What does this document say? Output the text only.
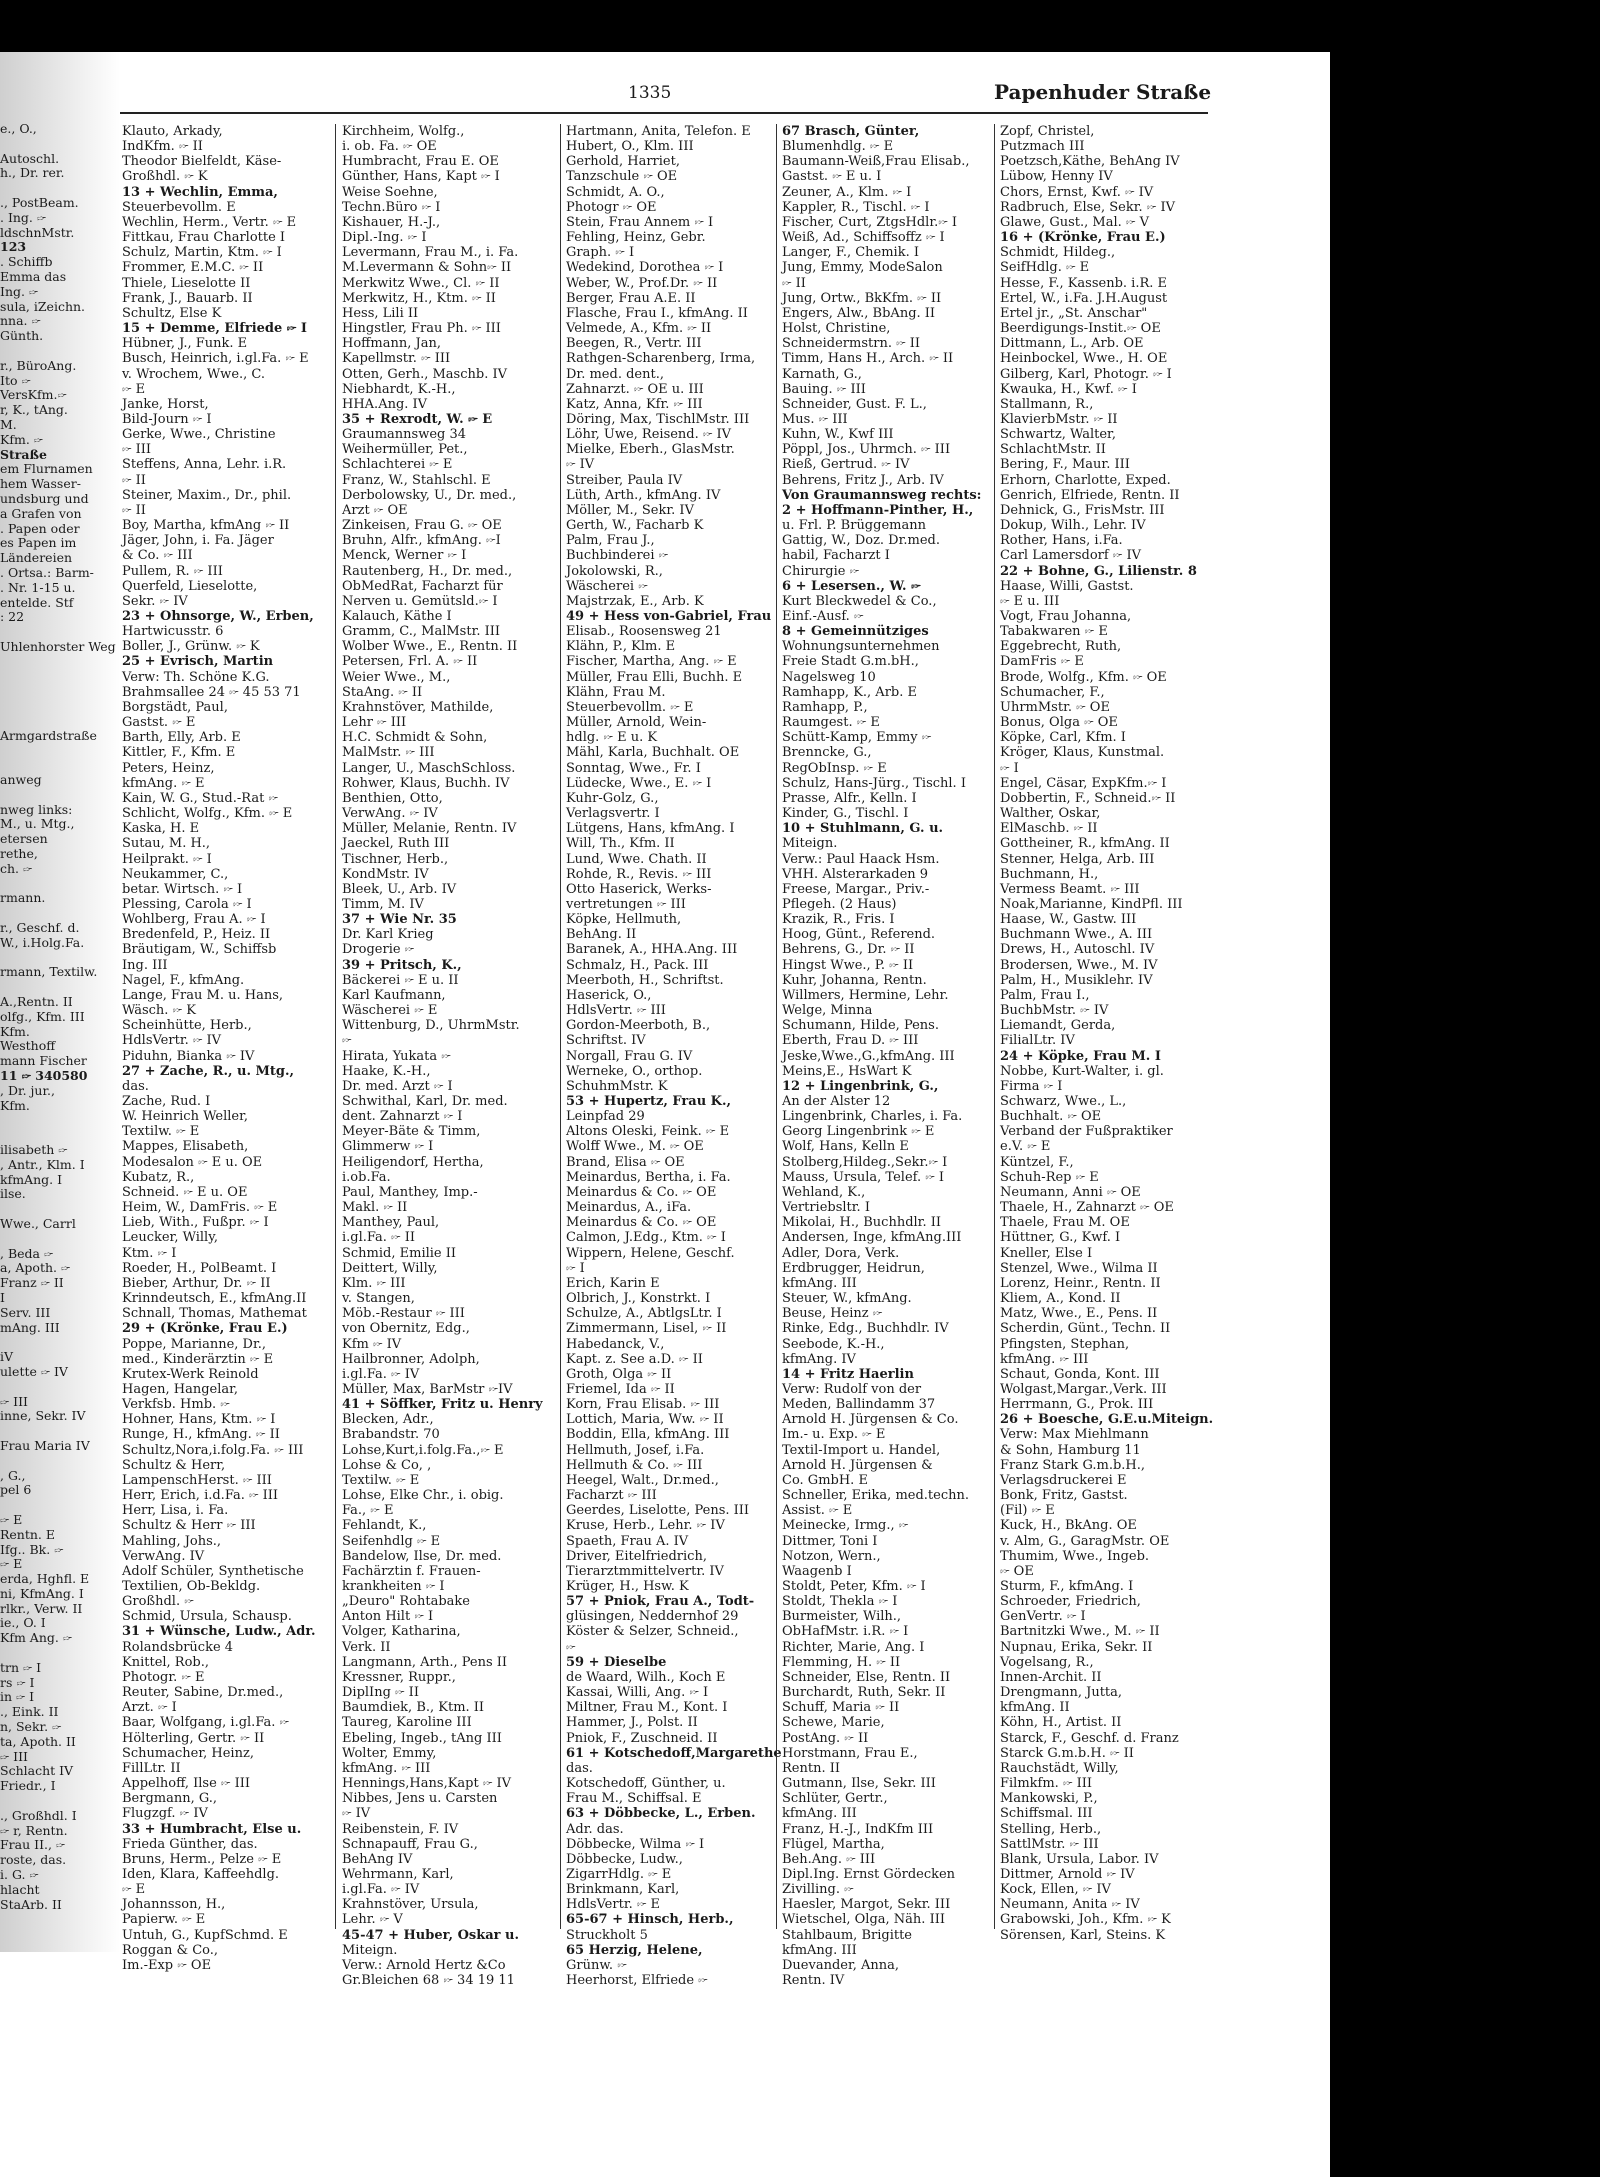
e., O.,

Autoschl.
h., Dr. rer.

., PostBeam.
. Ing. 🖙
ldschnMstr.
123
. Schiffb
Emma das
Ing. 🖙
sula, iZeichn.
nna. 🖙
Günth.

r., BüroAng.
Ito 🖙
VersKfm.🖙
r, K., tAng.
M.
Kfm. 🖙
Straße
em Flurnamen
hem Wasser-
undsburg und
a Grafen von
. Papen oder
es Papen im
Ländereien
. Ortsa.: Barm-
. Nr. 1-15 u.
entelde. Stf
: 22

Uhlenhorster Weg

Armgardstraße

anweg

nweg links:
M., u. Mtg.,
etersen
rethe,
ch. 🖙

rmann.

r., Geschf. d.
W., i.Holg.Fa.

rmann, Textilw.

A.,Rentn. II
olfg., Kfm. III
Kfm.
Westhoff
mann Fischer
11 🖙 340580
, Dr. jur.,
Kfm.

ilisabeth 🖙
, Antr., Klm. I
kfmAng. I
ilse.

Wwe., Carrl

, Beda 🖙
a, Apoth. 🖙
Franz 🖙 II
I
Serv. III
mAng. III

iV
ulette 🖙 IV

🖙 III
inne, Sekr. IV

Frau Maria IV

, G.,
pel 6

🖙 E
Rentn. E
Ifg.. Bk. 🖙
🖙 E
erda, Hghfl. E
ni, KfmAng. I
rlkr., Verw. II
ie., O. I
Kfm Ang. 🖙

trn 🖙 I
rs 🖙 I
in 🖙 I
., Eink. II
n, Sekr. 🖙
ta, Apoth. II
🖙 III
Schlacht IV
Friedr., I

., Großhdl. I
🖙 r, Rentn.
Frau II., 🖙
roste, das.
i. G. 🖙
hlacht
StaArb. II
1335	Papenhuder Straße
Klauto, Arkady,
IndKfm. 🖙 II
Theodor Bielfeldt, Käse-
Großhdl. 🖙 K
13 + Wechlin, Emma,
Steuerbevollm. E
Wechlin, Herm., Vertr. 🖙 E
Fittkau, Frau Charlotte I
Schulz, Martin, Ktm. 🖙 I
Frommer, E.M.C. 🖙 II
Thiele, Lieselotte II
Frank, J., Bauarb. II
Schultz, Else K
15 + Demme, Elfriede 🖙 I
Hübner, J., Funk. E
Busch, Heinrich, i.gl.Fa. 🖙 E
v. Wrochem, Wwe., C.
🖙 E
Janke, Horst,
Bild-Journ 🖙 I
Gerke, Wwe., Christine
🖙 III
Steffens, Anna, Lehr. i.R.
🖙 II
Steiner, Maxim., Dr., phil.
🖙 II
Boy, Martha, kfmAng 🖙 II
Jäger, John, i. Fa. Jäger
& Co. 🖙 III
Pullem, R. 🖙 III
Querfeld, Lieselotte,
Sekr. 🖙 IV
23 + Ohnsorge, W., Erben,
Hartwicusstr. 6
Boller, J., Grünw. 🖙 K
25 + Evrisch, Martin
Verw: Th. Schöne K.G.
Brahmsallee 24 🖙 45 53 71
Borgstädt, Paul,
Gastst. 🖙 E
Barth, Elly, Arb. E
Kittler, F., Kfm. E
Peters, Heinz,
kfmAng. 🖙 E
Kain, W. G., Stud.-Rat 🖙
Schlicht, Wolfg., Kfm. 🖙 E
Kaska, H. E
Sutau, M. H.,
Heilprakt. 🖙 I
Neukammer, C.,
betar. Wirtsch. 🖙 I
Plessing, Carola 🖙 I
Wohlberg, Frau A. 🖙 I
Bredenfeld, P., Heiz. II
Bräutigam, W., Schiffsb
Ing. III
Nagel, F., kfmAng.
Lange, Frau M. u. Hans,
Wäsch. 🖙 K
Scheinhütte, Herb.,
HdlsVertr. 🖙 IV
Piduhn, Bianka 🖙 IV
27 + Zache, R., u. Mtg.,
das.
Zache, Rud. I
W. Heinrich Weller,
Textilw. 🖙 E
Mappes, Elisabeth,
Modesalon 🖙 E u. OE
Kubatz, R.,
Schneid. 🖙 E u. OE
Heim, W., DamFris. 🖙 E
Lieb, With., Fußpr. 🖙 I
Leucker, Willy,
Ktm. 🖙 I
Roeder, H., PolBeamt. I
Bieber, Arthur, Dr. 🖙 II
Krinndeutsch, E., kfmAng.II
Schnall, Thomas, Mathemat
29 + (Krönke, Frau E.)
Poppe, Marianne, Dr.,
med., Kinderärztin 🖙 E
Krutex-Werk Reinold
Hagen, Hangelar,
Verkfsb. Hmb. 🖙
Hohner, Hans, Ktm. 🖙 I
Runge, H., kfmAng. 🖙 II
Schultz,Nora,i.folg.Fa. 🖙 III
Schultz & Herr,
LampenschHerst. 🖙 III
Herr, Erich, i.d.Fa. 🖙 III
Herr, Lisa, i. Fa.
Schultz & Herr 🖙 III
Mahling, Johs.,
VerwAng. IV
Adolf Schüler, Synthetische
Textilien, Ob-Bekldg.
Großhdl. 🖙
Schmid, Ursula, Schausp.
31 + Wünsche, Ludw., Adr.
Rolandsbrücke 4
Knittel, Rob.,
Photogr. 🖙 E
Reuter, Sabine, Dr.med.,
Arzt. 🖙 I
Baar, Wolfgang, i.gl.Fa. 🖙
Hölterling, Gertr. 🖙 II
Schumacher, Heinz,
FillLtr. II
Appelhoff, Ilse 🖙 III
Bergmann, G.,
Flugzgf. 🖙 IV
33 + Humbracht, Else u.
Frieda Günther, das.
Bruns, Herm., Pelze 🖙 E
Iden, Klara, Kaffeehdlg.
🖙 E
Johannsson, H.,
Papierw. 🖙 E
Untuh, G., KupfSchmd. E
Roggan & Co.,
Im.-Exp 🖙 OE
Kirchheim, Wolfg.,
i. ob. Fa. 🖙 OE
Humbracht, Frau E. OE
Günther, Hans, Kapt 🖙 I
Weise Soehne,
Techn.Büro 🖙 I
Kishauer, H.-J.,
Dipl.-Ing. 🖙 I
Levermann, Frau M., i. Fa.
M.Levermann & Sohn🖙 II
Merkwitz Wwe., Cl. 🖙 II
Merkwitz, H., Ktm. 🖙 II
Hess, Lili II
Hingstler, Frau Ph. 🖙 III
Hoffmann, Jan,
Kapellmstr. 🖙 III
Otten, Gerh., Maschb. IV
Niebhardt, K.-H.,
HHA.Ang. IV
35 + Rexrodt, W. 🖙 E
Graumannsweg 34
Weihermüller, Pet.,
Schlachterei 🖙 E
Franz, W., Stahlschl. E
Derbolowsky, U., Dr. med.,
Arzt 🖙 OE
Zinkeisen, Frau G. 🖙 OE
Bruhn, Alfr., kfmAng. 🖙I
Menck, Werner 🖙 I
Rautenberg, H., Dr. med.,
ObMedRat, Facharzt für
Nerven u. Gemütsld.🖙 I
Kalauch, Käthe I
Gramm, C., MalMstr. III
Wolber Wwe., E., Rentn. II
Petersen, Frl. A. 🖙 II
Weier Wwe., M.,
StaAng. 🖙 II
Krahnstöver, Mathilde,
Lehr 🖙 III
H.C. Schmidt & Sohn,
MalMstr. 🖙 III
Langer, U., MaschSchloss.
Rohwer, Klaus, Buchh. IV
Benthien, Otto,
VerwAng. 🖙 IV
Müller, Melanie, Rentn. IV
Jaeckel, Ruth III
Tischner, Herb.,
KondMstr. IV
Bleek, U., Arb. IV
Timm, M. IV
37 + Wie Nr. 35
Dr. Karl Krieg
Drogerie 🖙
39 + Pritsch, K.,
Bäckerei 🖙 E u. II
Karl Kaufmann,
Wäscherei 🖙 E
Wittenburg, D., UhrmMstr.
🖙
Hirata, Yukata 🖙
Haake, K.-H.,
Dr. med. Arzt 🖙 I
Schwithal, Karl, Dr. med.
dent. Zahnarzt 🖙 I
Meyer-Bäte & Timm,
Glimmerw 🖙 I
Heiligendorf, Hertha,
i.ob.Fa.
Paul, Manthey, Imp.-
Makl. 🖙 II
Manthey, Paul,
i.gl.Fa. 🖙 II
Schmid, Emilie II
Deittert, Willy,
Klm. 🖙 III
v. Stangen,
Möb.-Restaur 🖙 III
von Obernitz, Edg.,
Kfm 🖙 IV
Hailbronner, Adolph,
i.gl.Fa. 🖙 IV
Müller, Max, BarMstr 🖙IV
41 + Söffker, Fritz u. Henry
Blecken, Adr.,
Brabandstr. 70
Lohse,Kurt,i.folg.Fa.,🖙 E
Lohse & Co, ,
Textilw. 🖙 E
Lohse, Elke Chr., i. obig.
Fa., 🖙 E
Fehlandt, K.,
Seifenhdlg 🖙 E
Bandelow, Ilse, Dr. med.
Fachärztin f. Frauen-
krankheiten 🖙 I
„Deuro" Rohtabake
Anton Hilt 🖙 I
Volger, Katharina,
Verk. II
Langmann, Arth., Pens II
Kressner, Ruppr.,
DiplIng 🖙 II
Baumdiek, B., Ktm. II
Taureg, Karoline III
Ebeling, Ingeb., tAng III
Wolter, Emmy,
kfmAng. 🖙 III
Hennings,Hans,Kapt 🖙 IV
Nibbes, Jens u. Carsten
🖙 IV
Reibenstein, F. IV
Schnapauff, Frau G.,
BehAng IV
Wehrmann, Karl,
i.gl.Fa. 🖙 IV
Krahnstöver, Ursula,
Lehr. 🖙 V
45-47 + Huber, Oskar u.
Miteign.
Verw.: Arnold Hertz &Co
Gr.Bleichen 68 🖙 34 19 11
Hartmann, Anita, Telefon. E
Hubert, O., Klm. III
Gerhold, Harriet,
Tanzschule 🖙 OE
Schmidt, A. O.,
Photogr 🖙 OE
Stein, Frau Annem 🖙 I
Fehling, Heinz, Gebr.
Graph. 🖙 I
Wedekind, Dorothea 🖙 I
Weber, W., Prof.Dr. 🖙 II
Berger, Frau A.E. II
Flasche, Frau I., kfmAng. II
Velmede, A., Kfm. 🖙 II
Beegen, R., Vertr. III
Rathgen-Scharenberg, Irma,
Dr. med. dent.,
Zahnarzt. 🖙 OE u. III
Katz, Anna, Kfr. 🖙 III
Döring, Max, TischlMstr. III
Löhr, Uwe, Reisend. 🖙 IV
Mielke, Eberh., GlasMstr.
🖙 IV
Streiber, Paula IV
Lüth, Arth., kfmAng. IV
Möller, M., Sekr. IV
Gerth, W., Facharb K
Palm, Frau J.,
Buchbinderei 🖙
Jokolowski, R.,
Wäscherei 🖙
Majstrzak, E., Arb. K
49 + Hess von-Gabriel, Frau
Elisab., Roosensweg 21
Klähn, P., Klm. E
Fischer, Martha, Ang. 🖙 E
Müller, Frau Elli, Buchh. E
Klähn, Frau M.
Steuerbevollm. 🖙 E
Müller, Arnold, Wein-
hdlg. 🖙 E u. K
Mähl, Karla, Buchhalt. OE
Sonntag, Wwe., Fr. I
Lüdecke, Wwe., E. 🖙 I
Kuhr-Golz, G.,
Verlagsvertr. I
Lütgens, Hans, kfmAng. I
Will, Th., Kfm. II
Lund, Wwe. Chath. II
Rohde, R., Revis. 🖙 III
Otto Haserick, Werks-
vertretungen 🖙 III
Köpke, Hellmuth,
BehAng. II
Baranek, A., HHA.Ang. III
Schmalz, H., Pack. III
Meerboth, H., Schriftst.
Haserick, O.,
HdlsVertr. 🖙 III
Gordon-Meerboth, B.,
Schriftst. IV
Norgall, Frau G. IV
Werneke, O., orthop.
SchuhmMstr. K
53 + Hupertz, Frau K.,
Leinpfad 29
Altons Oleski, Feink. 🖙 E
Wolff Wwe., M. 🖙 OE
Brand, Elisa 🖙 OE
Meinardus, Bertha, i. Fa.
Meinardus & Co. 🖙 OE
Meinardus, A., iFa.
Meinardus & Co. 🖙 OE
Calmon, J.Edg., Ktm. 🖙 I
Wippern, Helene, Geschf.
🖙 I
Erich, Karin E
Olbrich, J., Konstrkt. I
Schulze, A., AbtlgsLtr. I
Zimmermann, Lisel, 🖙 II
Habedanck, V.,
Kapt. z. See a.D. 🖙 II
Groth, Olga 🖙 II
Friemel, Ida 🖙 II
Korn, Frau Elisab. 🖙 III
Lottich, Maria, Ww. 🖙 II
Boddin, Ella, kfmAng. III
Hellmuth, Josef, i.Fa.
Hellmuth & Co. 🖙 III
Heegel, Walt., Dr.med.,
Facharzt 🖙 III
Geerdes, Liselotte, Pens. III
Kruse, Herb., Lehr. 🖙 IV
Spaeth, Frau A. IV
Driver, Eitelfriedrich,
Tierarztmmittelvertr. IV
Krüger, H., Hsw. K
57 + Pniok, Frau A., Todt-
glüsingen, Neddernhof 29
Köster & Selzer, Schneid.,
🖙
59 + Dieselbe
de Waard, Wilh., Koch E
Kassai, Willi, Ang. 🖙 I
Miltner, Frau M., Kont. I
Hammer, J., Polst. II
Pniok, F., Zuschneid. II
61 + Kotschedoff,Margarethe
das.
Kotschedoff, Günther, u.
Frau M., Schiffsal. E
63 + Döbbecke, L., Erben.
Adr. das.
Döbbecke, Wilma 🖙 I
Döbbecke, Ludw.,
ZigarrHdlg. 🖙 E
Brinkmann, Karl,
HdlsVertr. 🖙 E
65-67 + Hinsch, Herb.,
Struckholt 5
65 Herzig, Helene,
Grünw. 🖙
Heerhorst, Elfriede 🖙
67 Brasch, Günter,
Blumenhdlg. 🖙 E
Baumann-Weiß,Frau Elisab.,
Gastst. 🖙 E u. I
Zeuner, A., Klm. 🖙 I
Kappler, R., Tischl. 🖙 I
Fischer, Curt, ZtgsHdlr.🖙 I
Weiß, Ad., Schiffsoffz 🖙 I
Langer, F., Chemik. I
Jung, Emmy, ModeSalon
🖙 II
Jung, Ortw., BkKfm. 🖙 II
Engers, Alw., BbAng. II
Holst, Christine,
Schneidermstrn. 🖙 II
Timm, Hans H., Arch. 🖙 II
Karnath, G.,
Bauing. 🖙 III
Schneider, Gust. F. L.,
Mus. 🖙 III
Kuhn, W., Kwf III
Pöppl, Jos., Uhrmch. 🖙 III
Rieß, Gertrud. 🖙 IV
Behrens, Fritz J., Arb. IV
Von Graumannsweg rechts:
2 + Hoffmann-Pinther, H.,
u. Frl. P. Brüggemann
Gattig, W., Doz. Dr.med.
habil, Facharzt I
Chirurgie 🖙
6 + Lesersen., W. 🖙
Kurt Bleckwedel & Co.,
Einf.-Ausf. 🖙
8 + Gemeinnütziges
Wohnungsunternehmen
Freie Stadt G.m.bH.,
Nagelsweg 10
Ramhapp, K., Arb. E
Ramhapp, P.,
Raumgest. 🖙 E
Schütt-Kamp, Emmy 🖙
Brenncke, G.,
RegObInsp. 🖙 E
Schulz, Hans-Jürg., Tischl. I
Prasse, Alfr., Kelln. I
Kinder, G., Tischl. I
10 + Stuhlmann, G. u.
Miteign.
Verw.: Paul Haack Hsm.
VHH. Alsterarkaden 9
Freese, Margar., Priv.-
Pflegeh. (2 Haus)
Krazik, R., Fris. I
Hoog, Günt., Referend.
Behrens, G., Dr. 🖙 II
Hingst Wwe., P. 🖙 II
Kuhr, Johanna, Rentn.
Willmers, Hermine, Lehr.
Welge, Minna
Schumann, Hilde, Pens.
Eberth, Frau D. 🖙 III
Jeske,Wwe.,G.,kfmAng. III
Meins,E., HsWart K
12 + Lingenbrink, G.,
An der Alster 12
Lingenbrink, Charles, i. Fa.
Georg Lingenbrink 🖙 E
Wolf, Hans, Kelln E
Stolberg,Hildeg.,Sekr.🖙 I
Mauss, Ursula, Telef. 🖙 I
Wehland, K.,
Vertriebsltr. I
Mikolai, H., Buchhdlr. II
Andersen, Inge, kfmAng.III
Adler, Dora, Verk.
Erdbrugger, Heidrun,
kfmAng. III
Steuer, W., kfmAng.
Beuse, Heinz 🖙
Rinke, Edg., Buchhdlr. IV
Seebode, K.-H.,
kfmAng. IV
14 + Fritz Haerlin
Verw: Rudolf von der
Meden, Ballindamm 37
Arnold H. Jürgensen & Co.
Im.- u. Exp. 🖙 E
Textil-Import u. Handel,
Arnold H. Jürgensen &
Co. GmbH. E
Schneller, Erika, med.techn.
Assist. 🖙 E
Meinecke, Irmg., 🖙
Dittmer, Toni I
Notzon, Wern.,
Waagenb I
Stoldt, Peter, Kfm. 🖙 I
Stoldt, Thekla 🖙 I
Burmeister, Wilh.,
ObHafMstr. i.R. 🖙 I
Richter, Marie, Ang. I
Flemming, H. 🖙 II
Schneider, Else, Rentn. II
Burchardt, Ruth, Sekr. II
Schuff, Maria 🖙 II
Schewe, Marie,
PostAng. 🖙 II
Horstmann, Frau E.,
Rentn. II
Gutmann, Ilse, Sekr. III
Schlüter, Gertr.,
kfmAng. III
Franz, H.-J., IndKfm III
Flügel, Martha,
Beh.Ang. 🖙 III
Dipl.Ing. Ernst Gördecken
Zivilling. 🖙
Haesler, Margot, Sekr. III
Wietschel, Olga, Näh. III
Stahlbaum, Brigitte
kfmAng. III
Duevander, Anna,
Rentn. IV
Zopf, Christel,
Putzmach III
Poetzsch,Käthe, BehAng IV
Lübow, Henny IV
Chors, Ernst, Kwf. 🖙 IV
Radbruch, Else, Sekr. 🖙 IV
Glawe, Gust., Mal. 🖙 V
16 + (Krönke, Frau E.)
Schmidt, Hildeg.,
SeifHdlg. 🖙 E
Hesse, F., Kassenb. i.R. E
Ertel, W., i.Fa. J.H.August
Ertel jr., „St. Anschar"
Beerdigungs-Instit.🖙 OE
Dittmann, L., Arb. OE
Heinbockel, Wwe., H. OE
Gilberg, Karl, Photogr. 🖙 I
Kwauka, H., Kwf. 🖙 I
Stallmann, R.,
KlavierbMstr. 🖙 II
Schwartz, Walter,
SchlachtMstr. II
Bering, F., Maur. III
Erhorn, Charlotte, Exped.
Genrich, Elfriede, Rentn. II
Dehnick, G., FrisMstr. III
Dokup, Wilh., Lehr. IV
Rother, Hans, i.Fa.
Carl Lamersdorf 🖙 IV
22 + Bohne, G., Lilienstr. 8
Haase, Willi, Gastst.
🖙 E u. III
Vogt, Frau Johanna,
Tabakwaren 🖙 E
Eggebrecht, Ruth,
DamFris 🖙 E
Brode, Wolfg., Kfm. 🖙 OE
Schumacher, F.,
UhrmMstr. 🖙 OE
Bonus, Olga 🖙 OE
Köpke, Carl, Kfm. I
Kröger, Klaus, Kunstmal.
🖙 I
Engel, Cäsar, ExpKfm.🖙 I
Dobbertin, F., Schneid.🖙 II
Walther, Oskar,
ElMaschb. 🖙 II
Gottheiner, R., kfmAng. II
Stenner, Helga, Arb. III
Buchmann, H.,
Vermess Beamt. 🖙 III
Noak,Marianne, KindPfl. III
Haase, W., Gastw. III
Buchmann Wwe., A. III
Drews, H., Autoschl. IV
Brodersen, Wwe., M. IV
Palm, H., Musiklehr. IV
Palm, Frau I.,
BuchbMstr. 🖙 IV
Liemandt, Gerda,
FilialLtr. IV
24 + Köpke, Frau M. I
Nobbe, Kurt-Walter, i. gl.
Firma 🖙 I
Schwarz, Wwe., L.,
Buchhalt. 🖙 OE
Verband der Fußpraktiker
e.V. 🖙 E
Küntzel, F.,
Schuh-Rep 🖙 E
Neumann, Anni 🖙 OE
Thaele, H., Zahnarzt 🖙 OE
Thaele, Frau M. OE
Hüttner, G., Kwf. I
Kneller, Else I
Stenzel, Wwe., Wilma II
Lorenz, Heinr., Rentn. II
Kliem, A., Kond. II
Matz, Wwe., E., Pens. II
Scherdin, Günt., Techn. II
Pfingsten, Stephan,
kfmAng. 🖙 III
Schaut, Gonda, Kont. III
Wolgast,Margar.,Verk. III
Herrmann, G., Prok. III
26 + Boesche, G.E.u.Miteign.
Verw: Max Miehlmann
& Sohn, Hamburg 11
Franz Stark G.m.b.H.,
Verlagsdruckerei E
Bonk, Fritz, Gastst.
(Fil) 🖙 E
Kuck, H., BkAng. OE
v. Alm, G., GaragMstr. OE
Thumim, Wwe., Ingeb.
🖙 OE
Sturm, F., kfmAng. I
Schroeder, Friedrich,
GenVertr. 🖙 I
Bartnitzki Wwe., M. 🖙 II
Nupnau, Erika, Sekr. II
Vogelsang, R.,
Innen-Archit. II
Drengmann, Jutta,
kfmAng. II
Köhn, H., Artist. II
Starck, F., Geschf. d. Franz
Starck G.m.b.H. 🖙 II
Rauchstädt, Willy,
Filmkfm. 🖙 III
Mankowski, P.,
Schiffsmal. III
Stelling, Herb.,
SattlMstr. 🖙 III
Blank, Ursula, Labor. IV
Dittmer, Arnold 🖙 IV
Kock, Ellen, 🖙 IV
Neumann, Anita 🖙 IV
Grabowski, Joh., Kfm. 🖙 K
Sörensen, Karl, Steins. K
